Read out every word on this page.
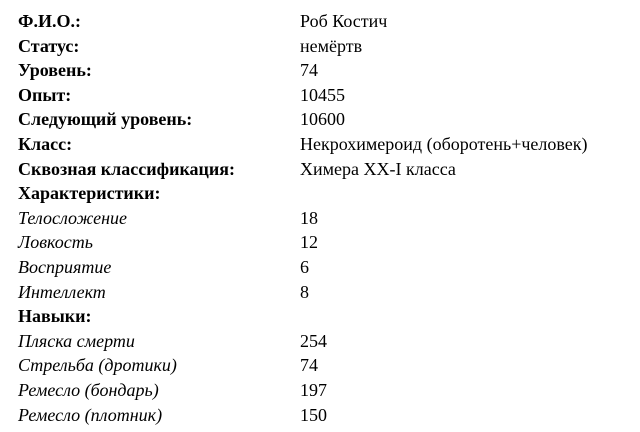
Ф.И.О.:	Роб Костич
Статус:	немёртв
Уровень:	74
Опыт:	10455
Следующий уровень:	10600
Класс:	Некрохимероид (оборотень+человек)
Сквозная классификация:	Химера XX-I класса
Характеристики:
Телосложение	18
Ловкость	12
Восприятие	6
Интеллект	8
Навыки:
Пляска смерти	254
Стрельба (дротики)	74
Ремесло (бондарь)	197
Ремесло (плотник)	150
